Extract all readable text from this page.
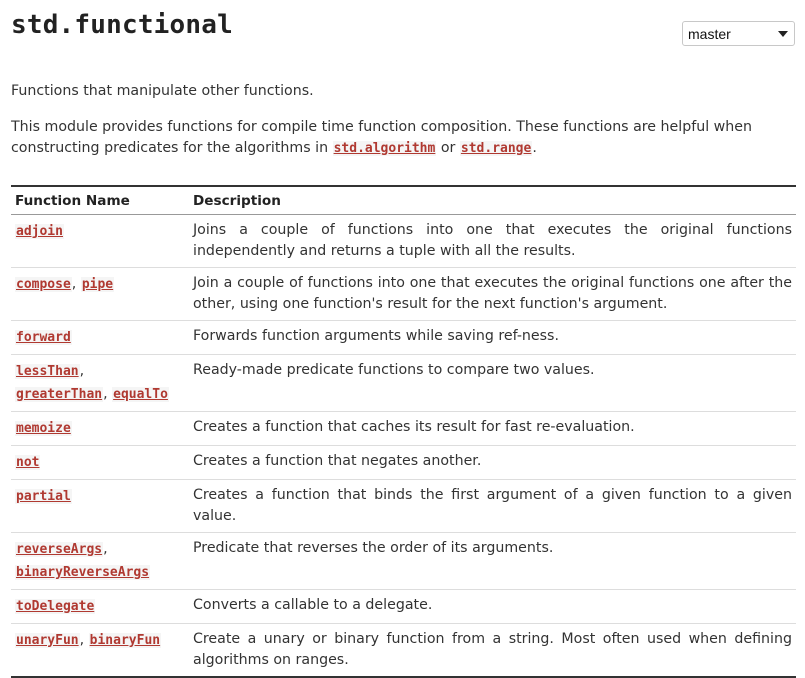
std.functional	master

Functions that manipulate other functions.

This module provides functions for compile time function composition. These functions are helpful when constructing predicates for the algorithms in std.algorithm or std.range.

Function Name	Description
adjoin	Joins a couple of functions into one that executes the original functions independently and returns a tuple with all the results.
compose, pipe	Join a couple of functions into one that executes the original functions one after the other, using one function's result for the next function's argument.
forward	Forwards function arguments while saving ref-ness.
lessThan, greaterThan, equalTo	Ready-made predicate functions to compare two values.
memoize	Creates a function that caches its result for fast re-evaluation.
not	Creates a function that negates another.
partial	Creates a function that binds the first argument of a given function to a given value.
reverseArgs, binaryReverseArgs	Predicate that reverses the order of its arguments.
toDelegate	Converts a callable to a delegate.
unaryFun, binaryFun	Create a unary or binary function from a string. Most often used when defining algorithms on ranges.
